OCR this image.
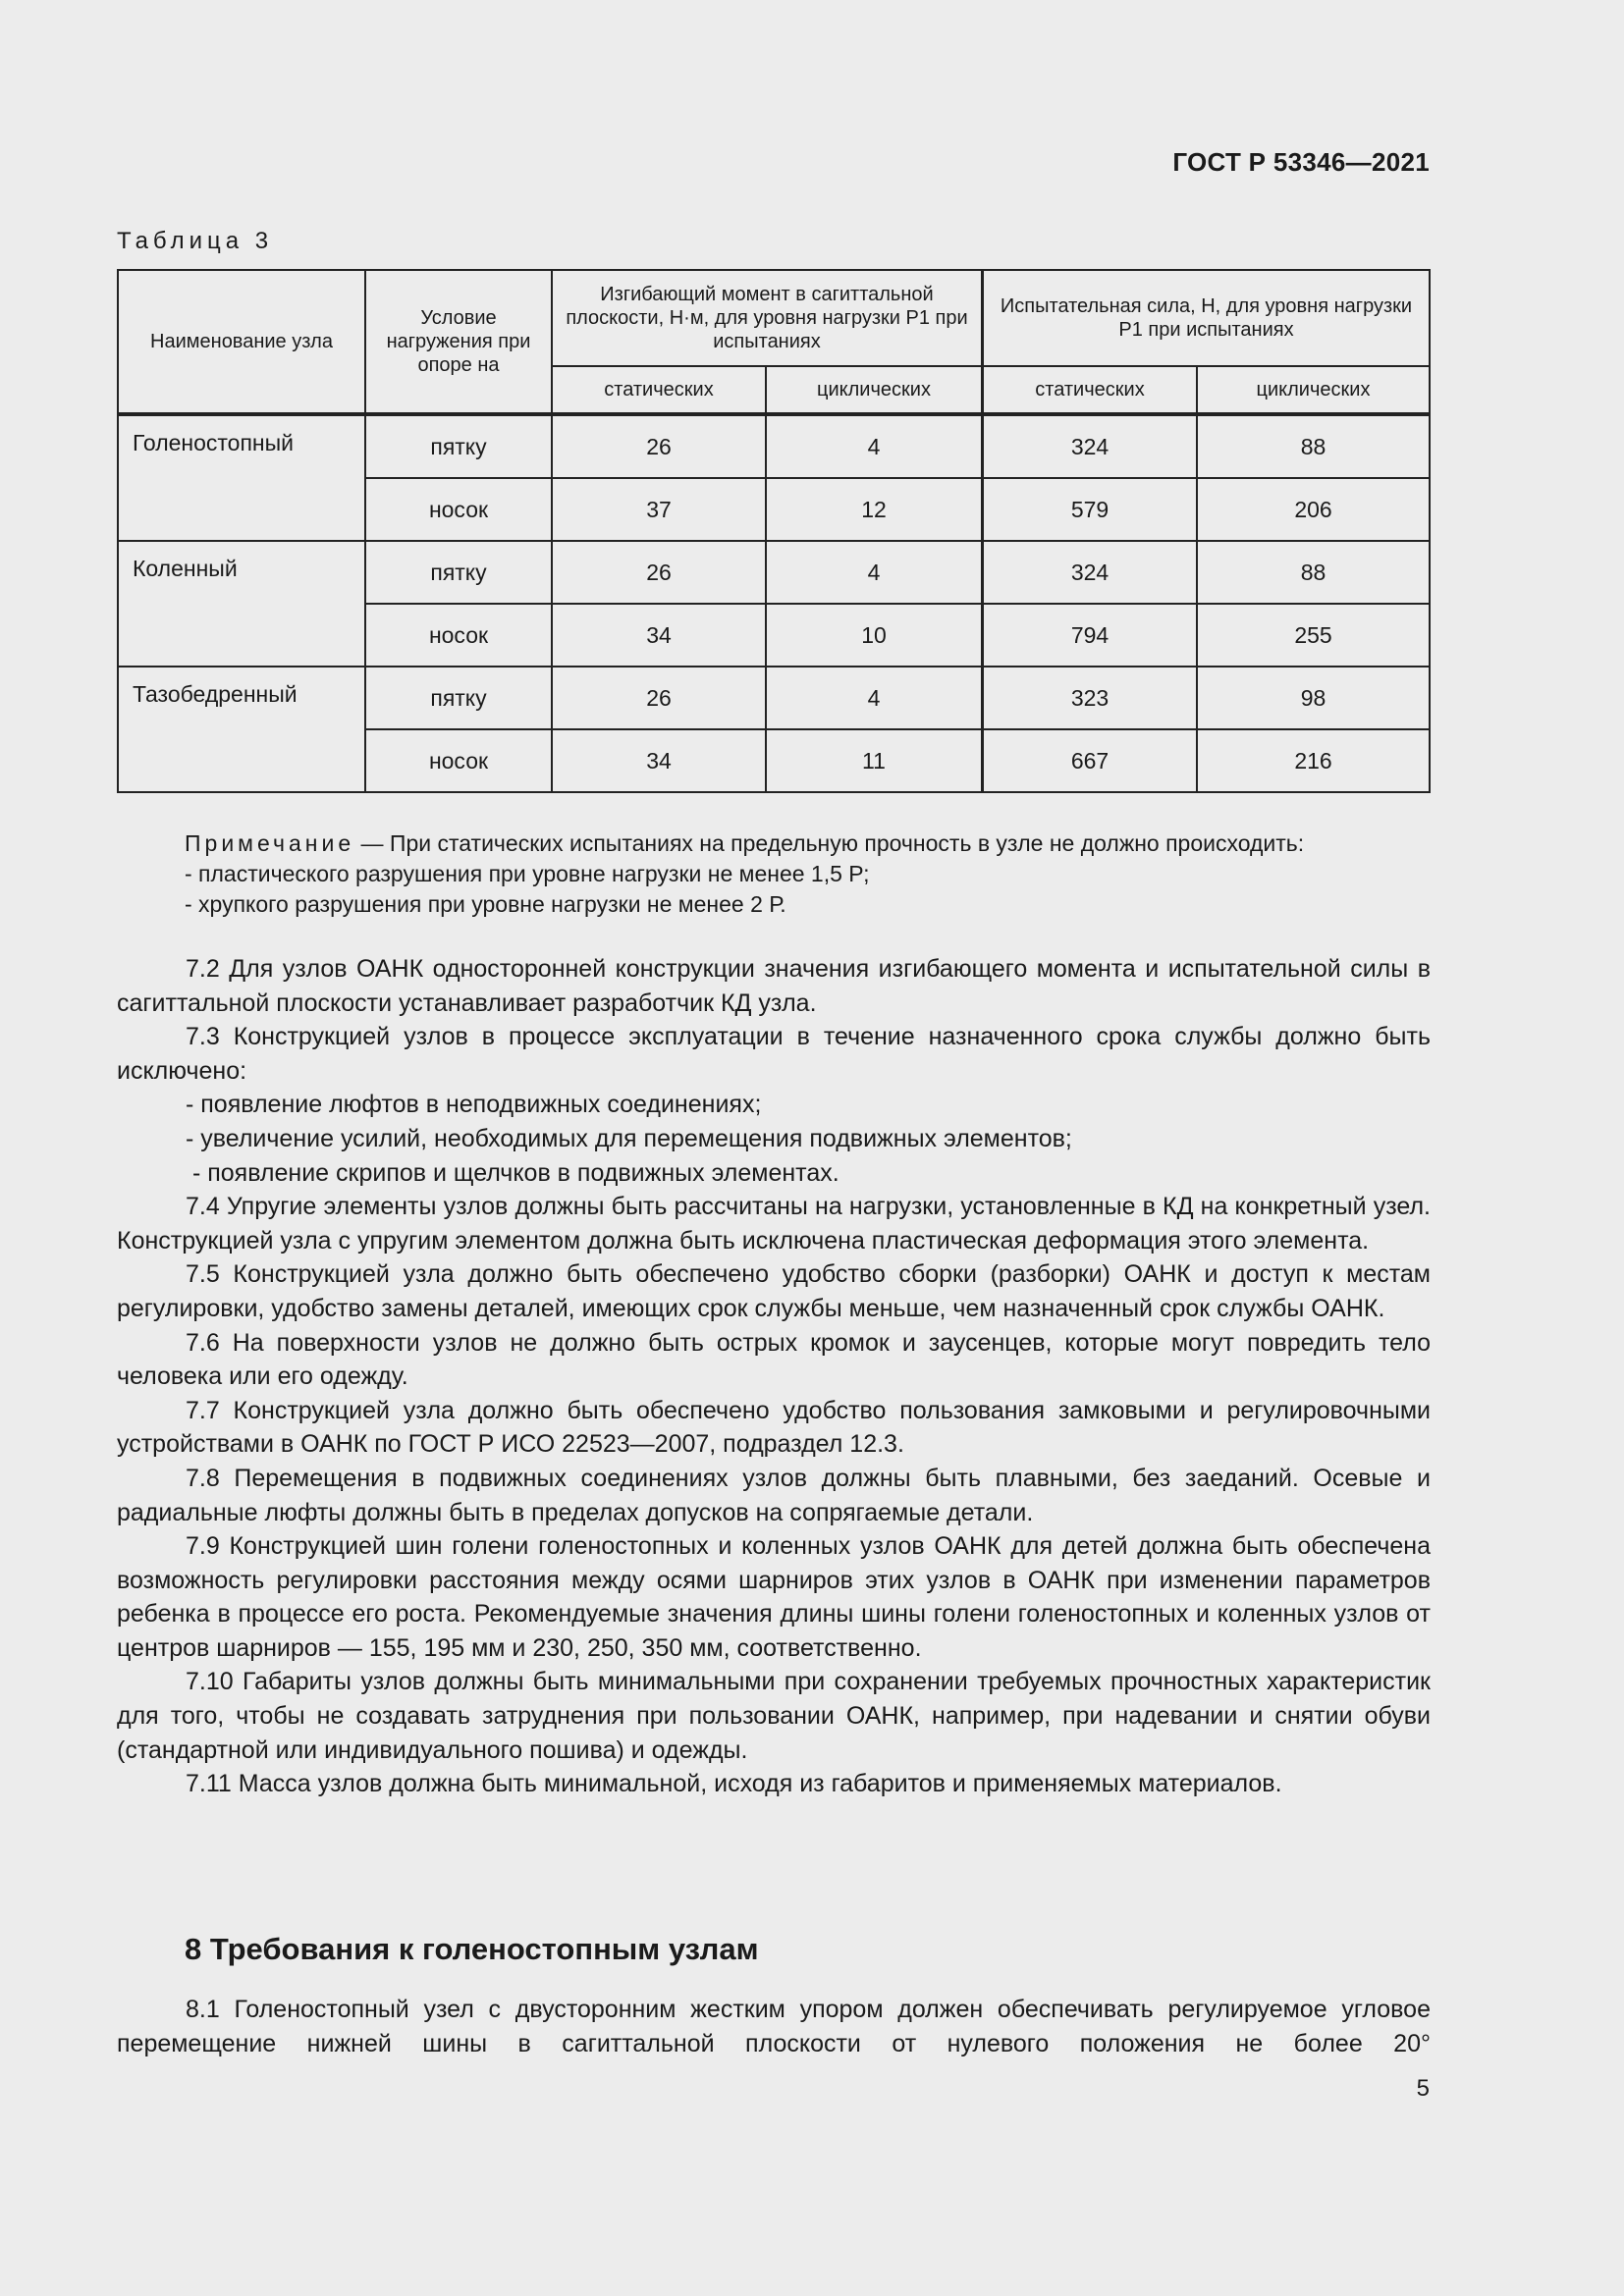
ГОСТ Р 53346—2021
Таблица 3
Наименование узла	Условие нагружения при опоре на	Изгибающий момент в сагиттальной плоскости, Н·м, для уровня нагрузки Р1 при испытаниях		Испытательная сила, Н, для уровня нагрузки Р1 при испытаниях	
		статических	циклических	статических	циклических
Голеностопный	пятку	26	4	324	88
	носок	37	12	579	206
Коленный	пятку	26	4	324	88
	носок	34	10	794	255
Тазобедренный	пятку	26	4	323	98
	носок	34	11	667	216
Примечание — При статических испытаниях на предельную прочность в узле не должно происходить:
- пластического разрушения при уровне нагрузки не менее 1,5 Р;
- хрупкого разрушения при уровне нагрузки не менее 2 Р.

7.2 Для узлов ОАНК односторонней конструкции значения изгибающего момента и испытательной силы в сагиттальной плоскости устанавливает разработчик КД узла.

7.3 Конструкцией узлов в процессе эксплуатации в течение назначенного срока службы должно быть исключено:

- появление люфтов в неподвижных соединениях;

- увеличение усилий, необходимых для перемещения подвижных элементов;

- появление скрипов и щелчков в подвижных элементах.

7.4 Упругие элементы узлов должны быть рассчитаны на нагрузки, установленные в КД на конкретный узел. Конструкцией узла с упругим элементом должна быть исключена пластическая деформация этого элемента.

7.5 Конструкцией узла должно быть обеспечено удобство сборки (разборки) ОАНК и доступ к местам регулировки, удобство замены деталей, имеющих срок службы меньше, чем назначенный срок службы ОАНК.

7.6 На поверхности узлов не должно быть острых кромок и заусенцев, которые могут повредить тело человека или его одежду.

7.7 Конструкцией узла должно быть обеспечено удобство пользования замковыми и регулировочными устройствами в ОАНК по ГОСТ Р ИСО 22523—2007, подраздел 12.3.

7.8 Перемещения в подвижных соединениях узлов должны быть плавными, без заеданий. Осевые и радиальные люфты должны быть в пределах допусков на сопрягаемые детали.

7.9 Конструкцией шин голени голеностопных и коленных узлов ОАНК для детей должна быть обеспечена возможность регулировки расстояния между осями шарниров этих узлов в ОАНК при изменении параметров ребенка в процессе его роста. Рекомендуемые значения длины шины голени голеностопных и коленных узлов от центров шарниров — 155, 195 мм и 230, 250, 350 мм, соответственно.

7.10 Габариты узлов должны быть минимальными при сохранении требуемых прочностных характеристик для того, чтобы не создавать затруднения при пользовании ОАНК, например, при надевании и снятии обуви (стандартной или индивидуального пошива) и одежды.

7.11 Масса узлов должна быть минимальной, исходя из габаритов и применяемых материалов.

8 Требования к голеностопным узлам

8.1 Голеностопный узел с двусторонним жестким упором должен обеспечивать регулируемое угловое перемещение нижней шины в сагиттальной плоскости от нулевого положения не более 20°

5
